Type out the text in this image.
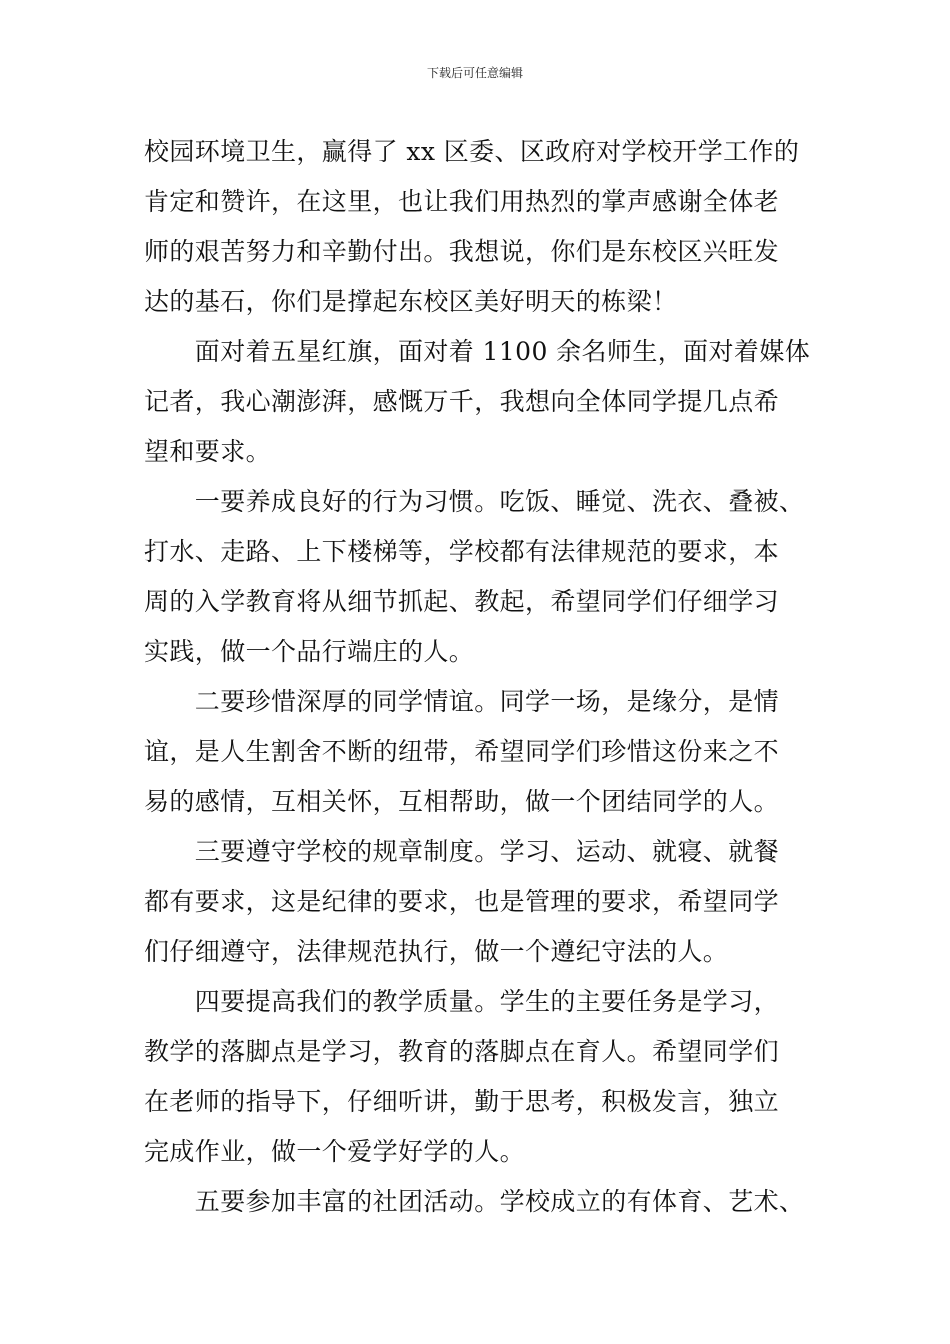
下载后可任意编辑
校园环境卫生，赢得了 xx 区委、区政府对学校开学工作的
肯定和赞许，在这里，也让我们用热烈的掌声感谢全体老
师的艰苦努力和辛勤付出。我想说，你们是东校区兴旺发
达的基石，你们是撑起东校区美好明天的栋梁！
　　面对着五星红旗，面对着 1100 余名师生，面对着媒体
记者，我心潮澎湃，感慨万千，我想向全体同学提几点希
望和要求。
　　一要养成良好的行为习惯。吃饭、睡觉、洗衣、叠被、
打水、走路、上下楼梯等，学校都有法律规范的要求，本
周的入学教育将从细节抓起、教起，希望同学们仔细学习
实践，做一个品行端庄的人。
　　二要珍惜深厚的同学情谊。同学一场，是缘分，是情
谊，是人生割舍不断的纽带，希望同学们珍惜这份来之不
易的感情，互相关怀，互相帮助，做一个团结同学的人。
　　三要遵守学校的规章制度。学习、运动、就寝、就餐
都有要求，这是纪律的要求，也是管理的要求，希望同学
们仔细遵守，法律规范执行，做一个遵纪守法的人。
　　四要提高我们的教学质量。学生的主要任务是学习，
教学的落脚点是学习，教育的落脚点在育人。希望同学们
在老师的指导下，仔细听讲，勤于思考，积极发言，独立
完成作业，做一个爱学好学的人。
　　五要参加丰富的社团活动。学校成立的有体育、艺术、
